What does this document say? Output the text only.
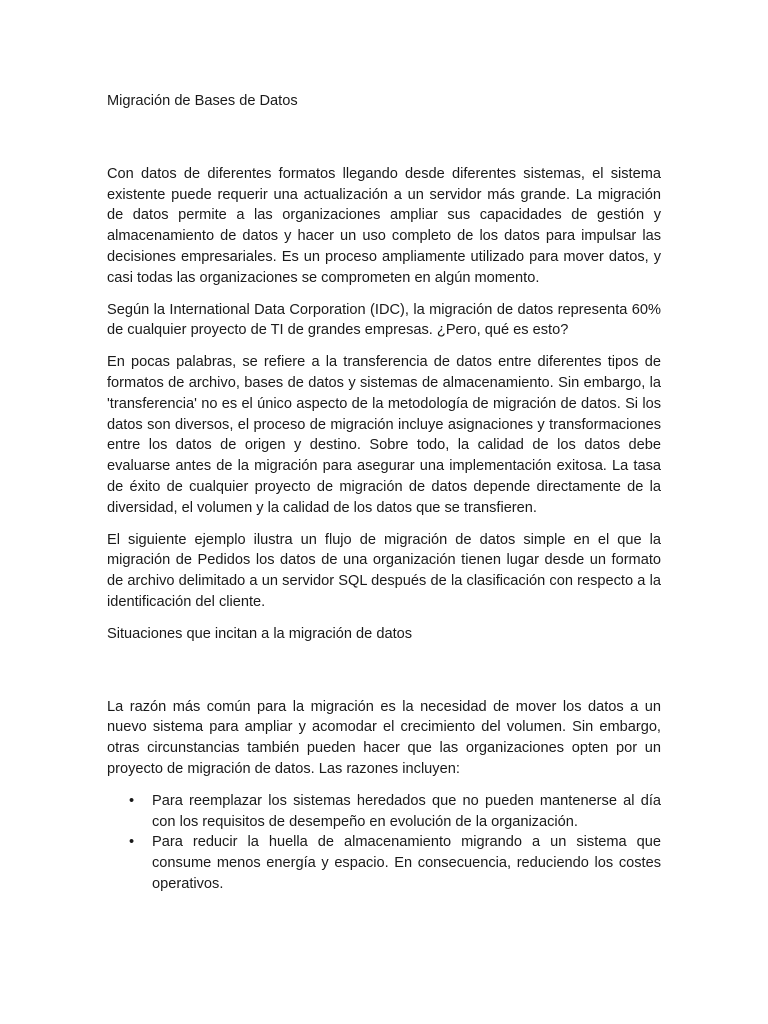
Migración de Bases de Datos

Con datos de diferentes formatos llegando desde diferentes sistemas, el sistema existente puede requerir una actualización a un servidor más grande. La migración de datos permite a las organizaciones ampliar sus capacidades de gestión y almacenamiento de datos y hacer un uso completo de los datos para impulsar las decisiones empresariales. Es un proceso ampliamente utilizado para mover datos, y casi todas las organizaciones se comprometen en algún momento.

Según la International Data Corporation (IDC), la migración de datos representa 60% de cualquier proyecto de TI de grandes empresas. ¿Pero, qué es esto?

En pocas palabras, se refiere a la transferencia de datos entre diferentes tipos de formatos de archivo, bases de datos y sistemas de almacenamiento. Sin embargo, la 'transferencia' no es el único aspecto de la metodología de migración de datos. Si los datos son diversos, el proceso de migración incluye asignaciones y transformaciones entre los datos de origen y destino. Sobre todo, la calidad de los datos debe evaluarse antes de la migración para asegurar una implementación exitosa. La tasa de éxito de cualquier proyecto de migración de datos depende directamente de la diversidad, el volumen y la calidad de los datos que se transfieren.

El siguiente ejemplo ilustra un flujo de migración de datos simple en el que la migración de Pedidos los datos de una organización tienen lugar desde un formato de archivo delimitado a un servidor SQL después de la clasificación con respecto a la identificación del cliente.

Situaciones que incitan a la migración de datos

La razón más común para la migración es la necesidad de mover los datos a un nuevo sistema para ampliar y acomodar el crecimiento del volumen. Sin embargo, otras circunstancias también pueden hacer que las organizaciones opten por un proyecto de migración de datos. Las razones incluyen:

• Para reemplazar los sistemas heredados que no pueden mantenerse al día con los requisitos de desempeño en evolución de la organización.
• Para reducir la huella de almacenamiento migrando a un sistema que consume menos energía y espacio. En consecuencia, reduciendo los costes operativos.
